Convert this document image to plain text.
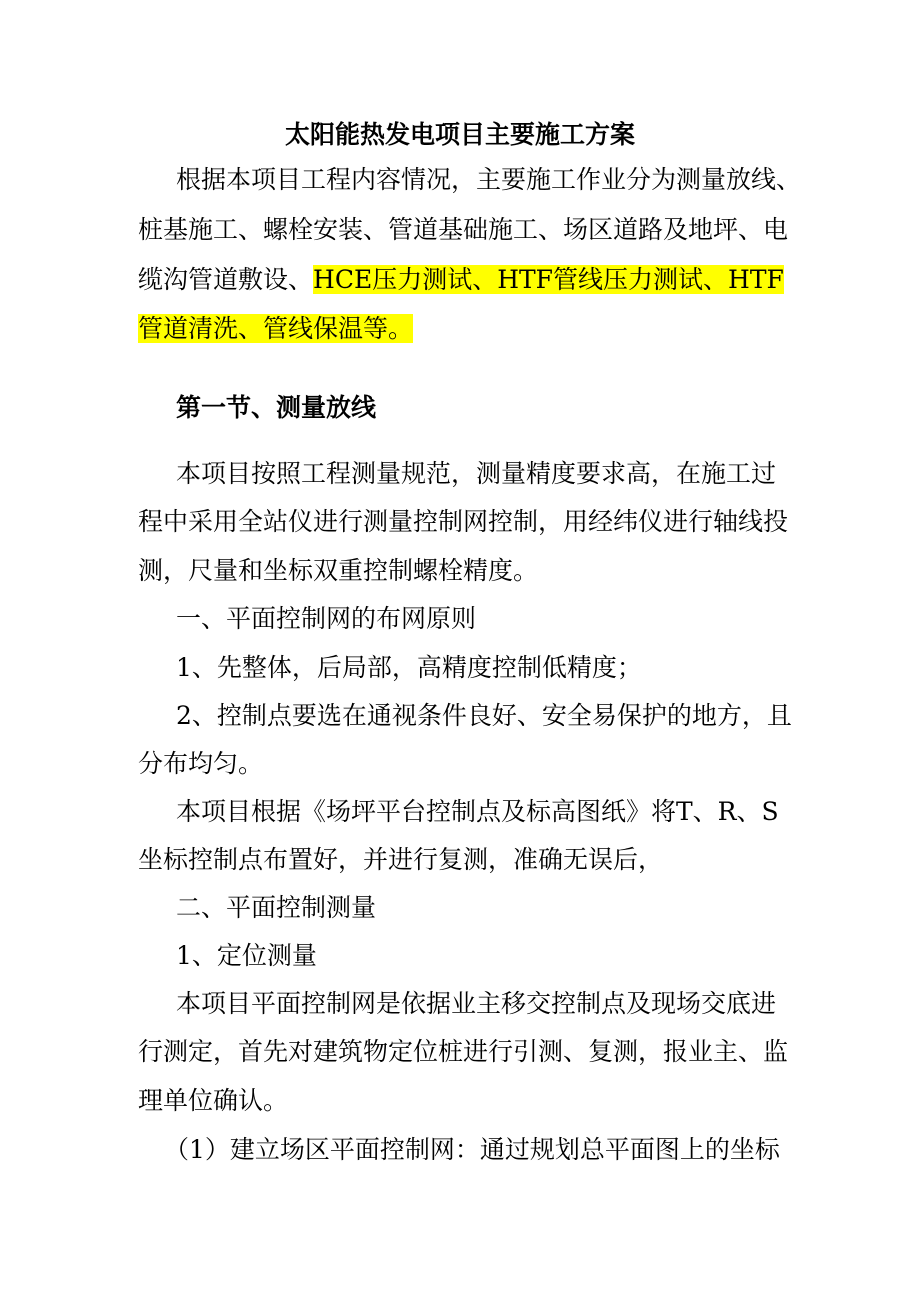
太阳能热发电项目主要施工方案
根据本项目工程内容情况，主要施工作业分为测量放线、
桩基施工、螺栓安装、管道基础施工、场区道路及地坪、电
缆沟管道敷设、HCE压力测试、HTF管线压力测试、HTF
管道清洗、管线保温等。
第一节、测量放线
本项目按照工程测量规范，测量精度要求高，在施工过
程中采用全站仪进行测量控制网控制，用经纬仪进行轴线投
测，尺量和坐标双重控制螺栓精度。
一、平面控制网的布网原则
1、先整体，后局部，高精度控制低精度；
2、控制点要选在通视条件良好、安全易保护的地方，且
分布均匀。
本项目根据《场坪平台控制点及标高图纸》将T、R、S
坐标控制点布置好，并进行复测，准确无误后，
二、平面控制测量
1、定位测量
本项目平面控制网是依据业主移交控制点及现场交底进
行测定，首先对建筑物定位桩进行引测、复测，报业主、监
理单位确认。
（1）建立场区平面控制网：通过规划总平面图上的坐标
